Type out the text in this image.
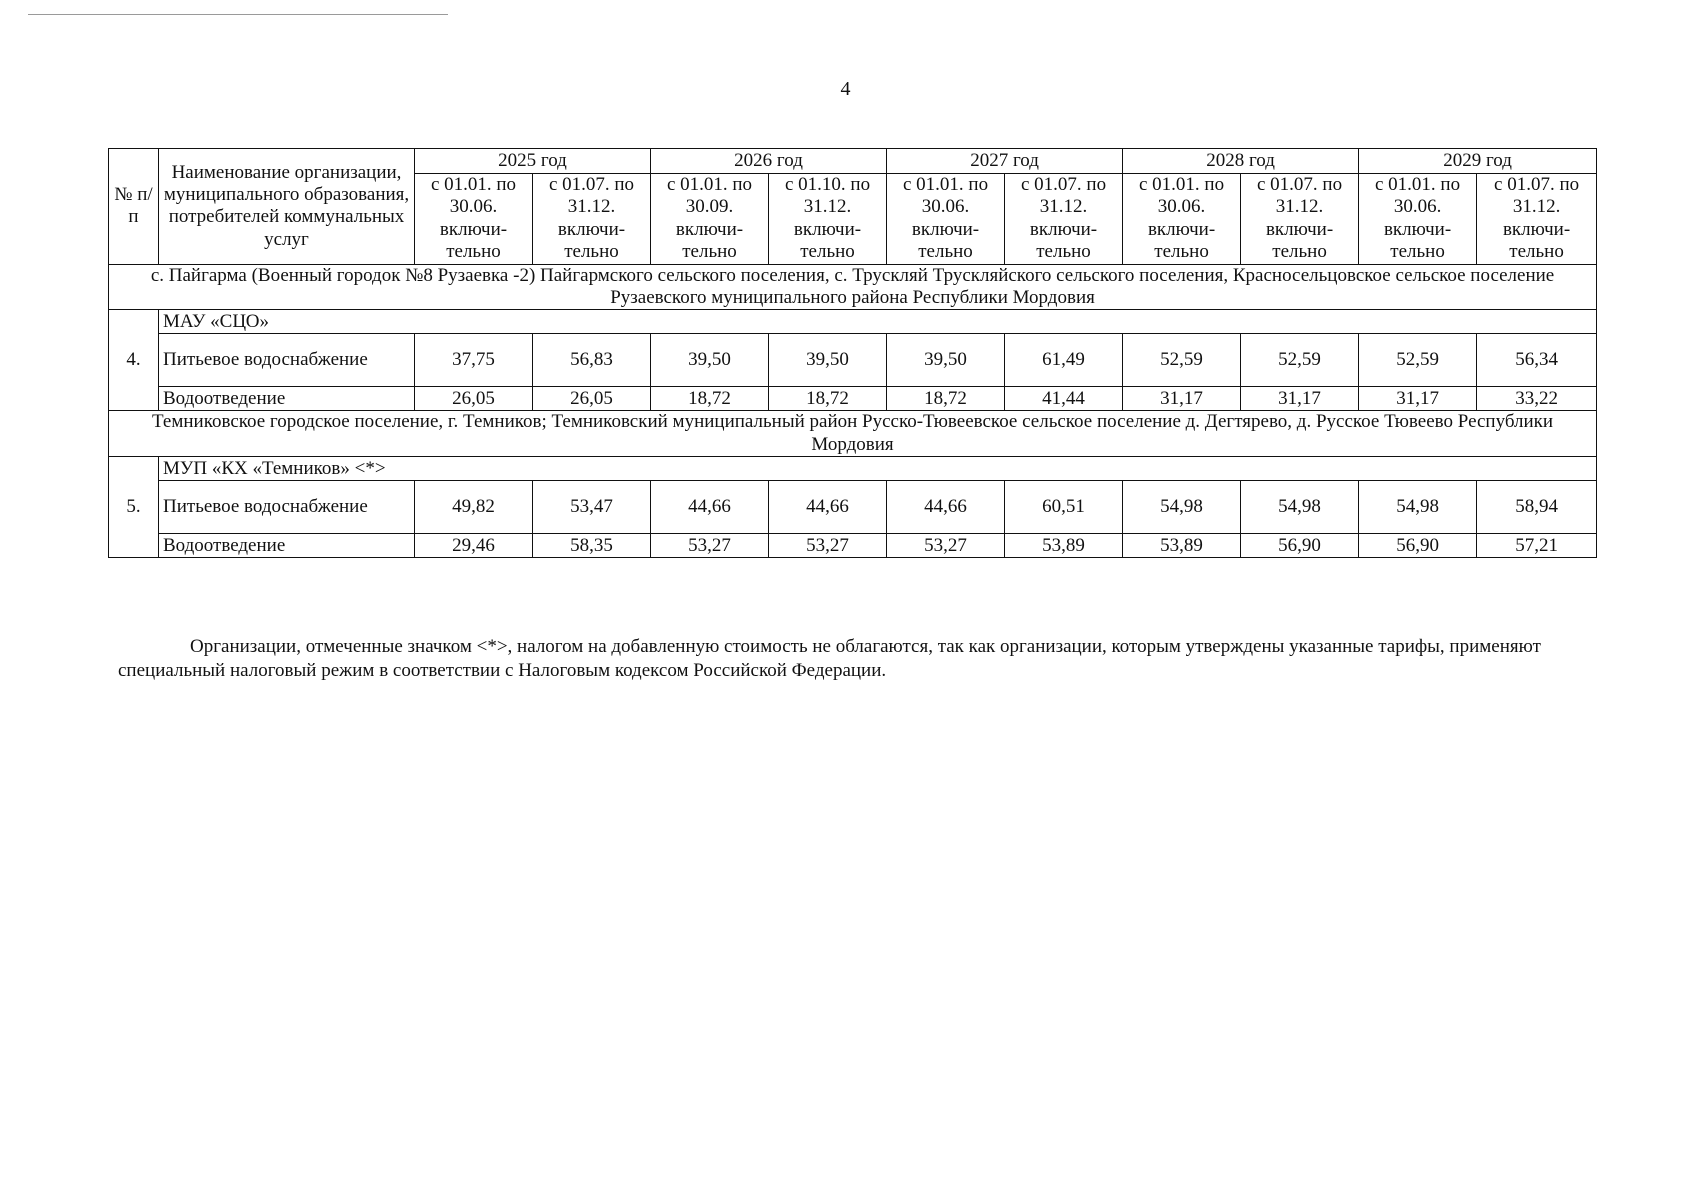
4
№ п/п	Наименование организации, муниципального образования, потребителей коммунальных услуг	2025 год		2026 год		2027 год		2028 год		2029 год	
		с 01.01. по 30.06. включи-тельно	с 01.07. по 31.12. включи-тельно	с 01.01. по 30.09. включи-тельно	с 01.10. по 31.12. включи-тельно	с 01.01. по 30.06. включи-тельно	с 01.07. по 31.12. включи-тельно	с 01.01. по 30.06. включи-тельно	с 01.07. по 31.12. включи-тельно	с 01.01. по 30.06. включи-тельно	с 01.07. по 31.12. включи-тельно
с. Пайгарма (Военный городок №8 Рузаевка -2) Пайгармского сельского поселения, с. Трускляй Трускляйского сельского поселения, Красносельцовское сельское поселение Рузаевского муниципального района Республики Мордовия											
4.	МАУ «СЦО»										
	Питьевое водоснабжение	37,75	56,83	39,50	39,50	39,50	61,49	52,59	52,59	52,59	56,34
	Водоотведение	26,05	26,05	18,72	18,72	18,72	41,44	31,17	31,17	31,17	33,22
Темниковское городское поселение, г. Темников; Темниковский муниципальный район Русско-Тювеевское сельское поселение д. Дегтярево, д. Русское Тювеево Республики Мордовия											
5.	МУП «КХ «Темников» <*>										
	Питьевое водоснабжение	49,82	53,47	44,66	44,66	44,66	60,51	54,98	54,98	54,98	58,94
	Водоотведение	29,46	58,35	53,27	53,27	53,27	53,89	53,89	56,90	56,90	57,21

Организации, отмеченные значком <*>, налогом на добавленную стоимость не облагаются, так как организации, которым утверждены указанные тарифы, применяют специальный налоговый режим в соответствии с Налоговым кодексом Российской Федерации.
